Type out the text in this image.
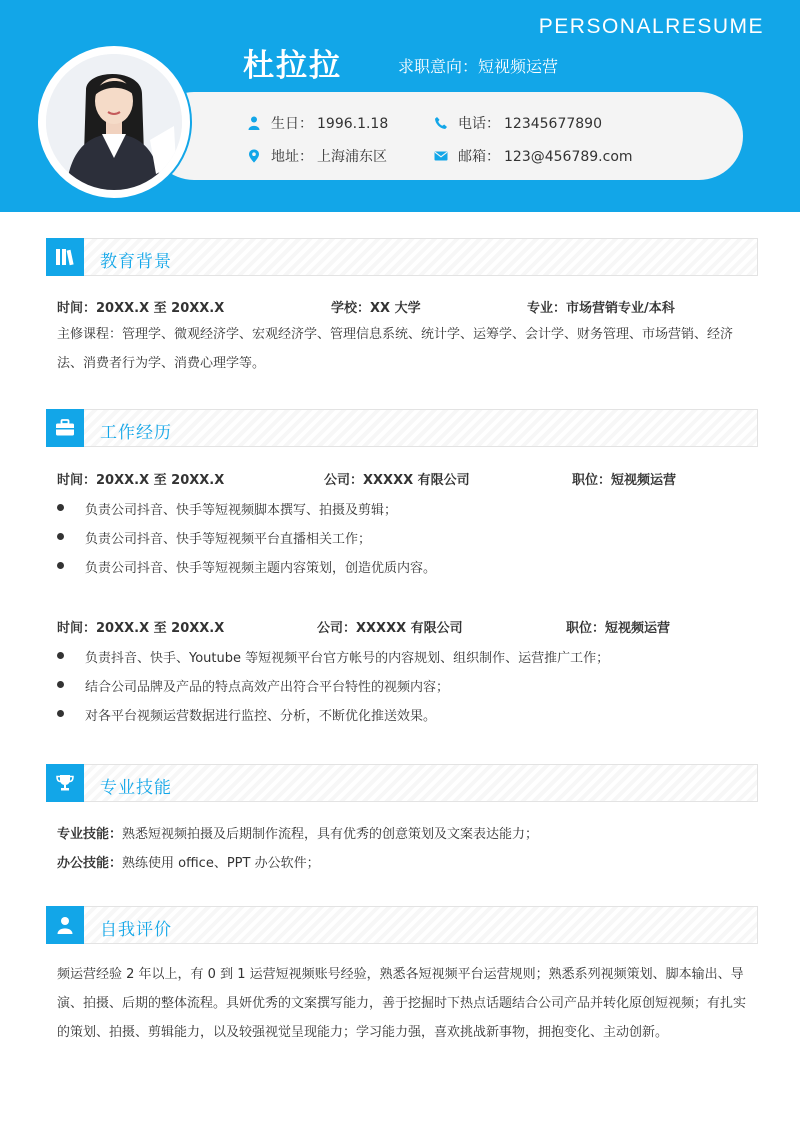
PERSONALRESUME
杜拉拉	求职意向：短视频运营
生日： 1996.1.18	电话： 12345677890
地址： 上海浦东区	邮箱： 123@456789.com
教育背景
时间：20XX.X 至 20XX.X	学校：XX 大学	专业：市场营销专业/本科
主修课程：管理学、微观经济学、宏观经济学、管理信息系统、统计学、运筹学、会计学、财务管理、市场营销、经济法、消费者行为学、消费心理学等。
工作经历
时间：20XX.X 至 20XX.X	公司：XXXXX 有限公司	职位：短视频运营
负责公司抖音、快手等短视频脚本撰写、拍摄及剪辑；
负责公司抖音、快手等短视频平台直播相关工作；
负责公司抖音、快手等短视频主题内容策划，创造优质内容。
时间：20XX.X 至 20XX.X	公司：XXXXX 有限公司	职位：短视频运营
负责抖音、快手、Youtube 等短视频平台官方帐号的内容规划、组织制作、运营推广工作；
结合公司品牌及产品的特点高效产出符合平台特性的视频内容；
对各平台视频运营数据进行监控、分析，不断优化推送效果。
专业技能
专业技能：熟悉短视频拍摄及后期制作流程，具有优秀的创意策划及文案表达能力；
办公技能：熟练使用 office、PPT 办公软件；
自我评价
频运营经验 2 年以上，有 0 到 1 运营短视频账号经验，熟悉各短视频平台运营规则；熟悉系列视频策划、脚本输出、导演、拍摄、后期的整体流程。具妍优秀的文案撰写能力，善于挖掘时下热点话题结合公司产品并转化原创短视频；有扎实的策划、拍摄、剪辑能力，以及较强视觉呈现能力；学习能力强，喜欢挑战新事物，拥抱变化、主动创新。
